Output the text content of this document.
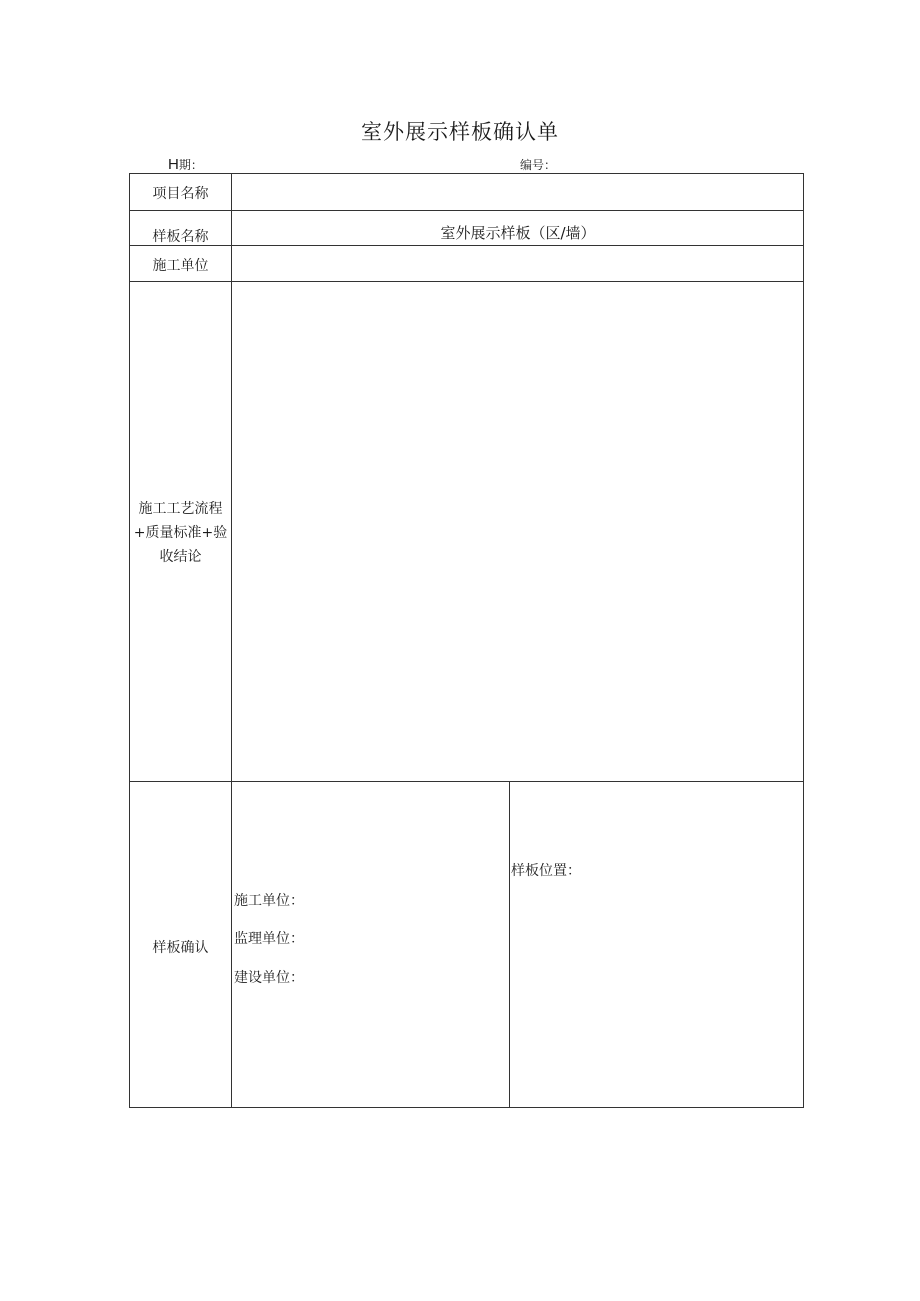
室外展示样板确认单
H期：	编号：
项目名称
样板名称	室外展示样板（区/墙）
施工单位
施工工艺流程
+质量标准+验
收结论
样板确认
施工单位：
监理单位：
建设单位：
样板位置：
